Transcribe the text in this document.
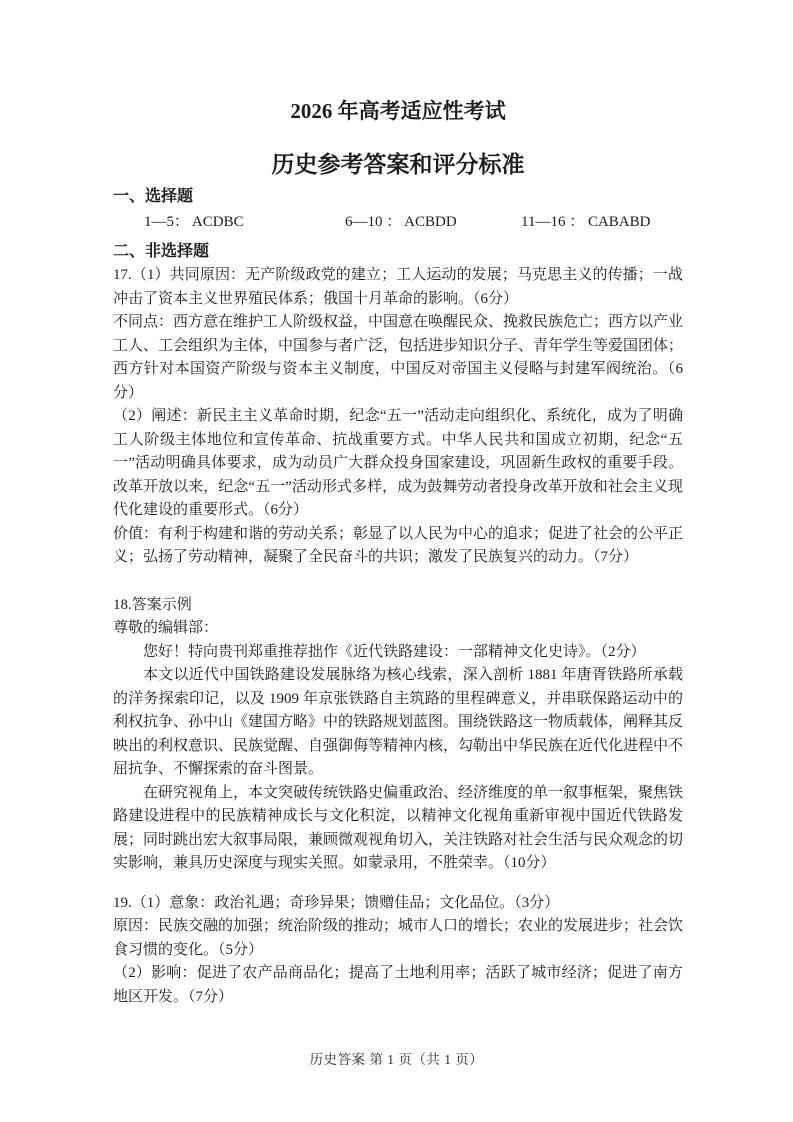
2026 年高考适应性考试
历史参考答案和评分标准
一、选择题
1—5： ACDBC	6—10 ： ACBDD	11—16 ： CABABD
二、非选择题

17.（1）共同原因：无产阶级政党的建立；工人运动的发展；马克思主义的传播；一战冲击了资本主义世界殖民体系；俄国十月革命的影响。（6分）

不同点：西方意在维护工人阶级权益，中国意在唤醒民众、挽救民族危亡；西方以产业工人、工会组织为主体，中国参与者广泛，包括进步知识分子、青年学生等爱国团体；西方针对本国资产阶级与资本主义制度，中国反对帝国主义侵略与封建军阀统治。（6分）

（2）阐述：新民主主义革命时期，纪念“五一”活动走向组织化、系统化，成为了明确工人阶级主体地位和宣传革命、抗战重要方式。中华人民共和国成立初期，纪念“五一”活动明确具体要求，成为动员广大群众投身国家建设，巩固新生政权的重要手段。改革开放以来，纪念“五一”活动形式多样，成为鼓舞劳动者投身改革开放和社会主义现代化建设的重要形式。（6分）

价值：有利于构建和谐的劳动关系；彰显了以人民为中心的追求；促进了社会的公平正义；弘扬了劳动精神，凝聚了全民奋斗的共识；激发了民族复兴的动力。（7分）

18.答案示例

尊敬的编辑部：

您好！特向贵刊郑重推荐拙作《近代铁路建设：一部精神文化史诗》。（2分）

本文以近代中国铁路建设发展脉络为核心线索，深入剖析 1881 年唐胥铁路所承载的洋务探索印记，以及 1909 年京张铁路自主筑路的里程碑意义，并串联保路运动中的利权抗争、孙中山《建国方略》中的铁路规划蓝图。围绕铁路这一物质载体，阐释其反映出的利权意识、民族觉醒、自强御侮等精神内核，勾勒出中华民族在近代化进程中不屈抗争、不懈探索的奋斗图景。

在研究视角上，本文突破传统铁路史偏重政治、经济维度的单一叙事框架，聚焦铁路建设进程中的民族精神成长与文化积淀，以精神文化视角重新审视中国近代铁路发展；同时跳出宏大叙事局限，兼顾微观视角切入，关注铁路对社会生活与民众观念的切实影响，兼具历史深度与现实关照。如蒙录用，不胜荣幸。（10分）

19.（1）意象：政治礼遇；奇珍异果；馈赠佳品；文化品位。（3分）

原因：民族交融的加强；统治阶级的推动；城市人口的增长；农业的发展进步；社会饮食习惯的变化。（5分）

（2）影响：促进了农产品商品化；提高了土地利用率；活跃了城市经济；促进了南方地区开发。（7分）

历史答案 第 1 页（共 1 页）
